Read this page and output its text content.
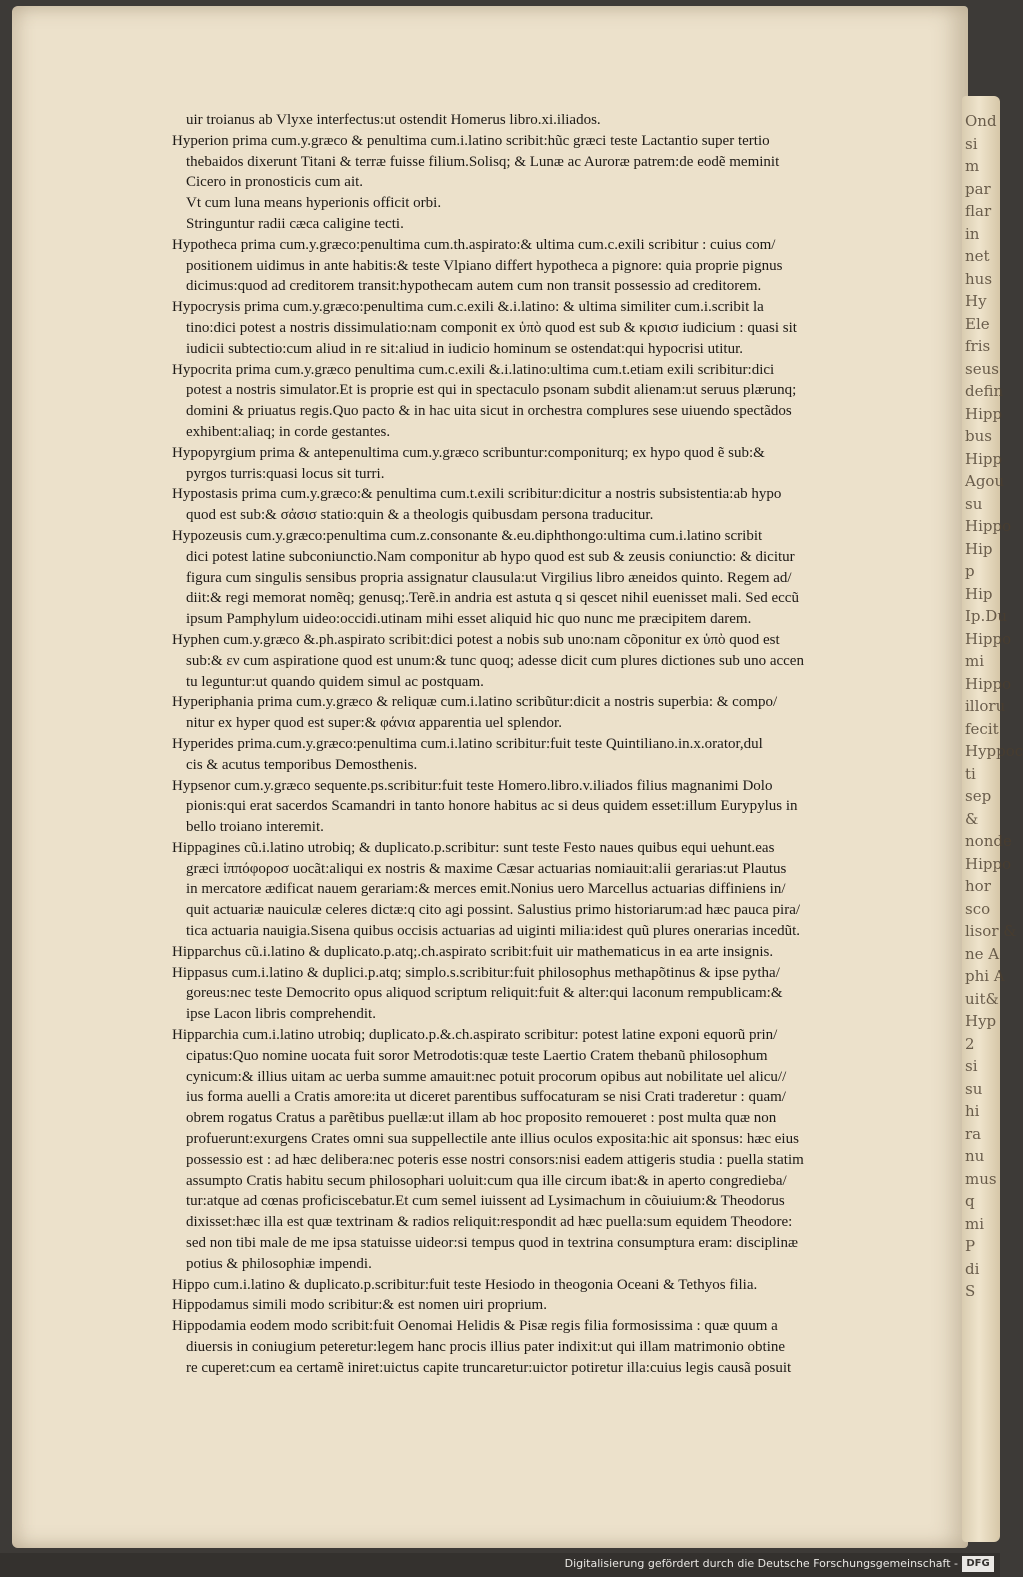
Ond
si
m
par
flar
in
net
hus
Hy
Ele
fris
seus
defin
Hipp
bus
Hipp
Agou
su
Hippo
Hip
p
Hip
Ip.Du
Hippo
mi
Hippo
illoru
fecit
Hyppoc
ti
sep
&
nonde
Hippo
hor
sco
lisor &
ne A
phi A
uit&
Hyp
2
si
su
hi
ra
nu
mus
q
mi
P
di
S
uir troianus ab Vlyxe interfectus:ut ostendit Homerus libro.xi.iliados.
Hyperion prima cum.y.græco & penultima cum.i.latino scribit:hũc græci teste Lactantio super tertio
thebaidos dixerunt Titani & terræ fuisse filium.Solisq; & Lunæ ac Auroræ patrem:de eodẽ meminit
Cicero in pronosticis cum ait.
Vt cum luna means hyperionis officit orbi.
Stringuntur radii cæca caligine tecti.
Hypotheca prima cum.y.græco:penultima cum.th.aspirato:& ultima cum.c.exili scribitur : cuius com/
positionem uidimus in ante habitis:& teste Vlpiano differt hypotheca a pignore: quia proprie pignus
dicimus:quod ad creditorem transit:hypothecam autem cum non transit possessio ad creditorem.
Hypocrysis prima cum.y.græco:penultima cum.c.exili &.i.latino: & ultima similiter cum.i.scribit la
tino:dici potest a nostris dissimulatio:nam componit ex ὑπὸ quod est sub & κρισισ iudicium : quasi sit
iudicii subtectio:cum aliud in re sit:aliud in iudicio hominum se ostendat:qui hypocrisi utitur.
Hypocrita prima cum.y.græco penultima cum.c.exili &.i.latino:ultima cum.t.etiam exili scribitur:dici
potest a nostris simulator.Et is proprie est qui in spectaculo psonam subdit alienam:ut seruus plærunq;
domini & priuatus regis.Quo pacto & in hac uita sicut in orchestra complures sese uiuendo spectãdos
exhibent:aliaq; in corde gestantes.
Hypopyrgium prima & antepenultima cum.y.græco scribuntur:componiturq; ex hypo quod ẽ sub:&
pyrgos turris:quasi locus sit turri.
Hypostasis prima cum.y.græco:& penultima cum.t.exili scribitur:dicitur a nostris subsistentia:ab hypo
quod est sub:& σἀσισ statio:quin & a theologis quibusdam persona traducitur.
Hypozeusis cum.y.græco:penultima cum.z.consonante &.eu.diphthongo:ultima cum.i.latino scribit
dici potest latine subconiunctio.Nam componitur ab hypo quod est sub & zeusis coniunctio: & dicitur
figura cum singulis sensibus propria assignatur clausula:ut Virgilius libro æneidos quinto. Regem ad/
diit:& regi memorat nomẽq; genusq;.Terẽ.in andria est astuta q si qescet nihil euenisset mali. Sed eccũ
ipsum Pamphylum uideo:occidi.utinam mihi esset aliquid hic quo nunc me præcipitem darem.
Hyphen cum.y.græco &.ph.aspirato scribit:dici potest a nobis sub uno:nam cõponitur ex ὑπὸ quod est
sub:& εν cum aspiratione quod est unum:& tunc quoq; adesse dicit cum plures dictiones sub uno accen
tu leguntur:ut quando quidem simul ac postquam.
Hyperiphania prima cum.y.græco & reliquæ cum.i.latino scribũtur:dicit a nostris superbia: & compo/
nitur ex hyper quod est super:& φάνια apparentia uel splendor.
Hyperides prima.cum.y.græco:penultima cum.i.latino scribitur:fuit teste Quintiliano.in.x.orator,dul
cis & acutus temporibus Demosthenis.
Hypsenor cum.y.græco sequente.ps.scribitur:fuit teste Homero.libro.v.iliados filius magnanimi Dolo
pionis:qui erat sacerdos Scamandri in tanto honore habitus ac si deus quidem esset:illum Eurypylus in
bello troiano interemit.
Hippagines cũ.i.latino utrobiq; & duplicato.p.scribitur: sunt teste Festo naues quibus equi uehunt.eas
græci ἱππόφοροσ uocãt:aliqui ex nostris & maxime Cæsar actuarias nomiauit:alii gerarias:ut Plautus
in mercatore ædificat nauem gerariam:& merces emit.Nonius uero Marcellus actuarias diffiniens in/
quit actuariæ nauiculæ celeres dictæ:q cito agi possint. Salustius primo historiarum:ad hæc pauca pira/
tica actuaria nauigia.Sisena quibus occisis actuarias ad uiginti milia:idest quũ plures onerarias incedũt.
Hipparchus cũ.i.latino & duplicato.p.atq;.ch.aspirato scribit:fuit uir mathematicus in ea arte insignis.
Hippasus cum.i.latino & duplici.p.atq; simplo.s.scribitur:fuit philosophus methapõtinus & ipse pytha/
goreus:nec teste Democrito opus aliquod scriptum reliquit:fuit & alter:qui laconum rempublicam:&
ipse Lacon libris comprehendit.
Hipparchia cum.i.latino utrobiq; duplicato.p.&.ch.aspirato scribitur: potest latine exponi equorũ prin/
cipatus:Quo nomine uocata fuit soror Metrodotis:quæ teste Laertio Cratem thebanũ philosophum
cynicum:& illius uitam ac uerba summe amauit:nec potuit procorum opibus aut nobilitate uel alicu//
ius forma auelli a Cratis amore:ita ut diceret parentibus suffocaturam se nisi Crati traderetur : quam/
obrem rogatus Cratus a parẽtibus puellæ:ut illam ab hoc proposito remoueret : post multa quæ non
profuerunt:exurgens Crates omni sua suppellectile ante illius oculos exposita:hic ait sponsus: hæc eius
possessio est : ad hæc delibera:nec poteris esse nostri consors:nisi eadem attigeris studia : puella statim
assumpto Cratis habitu secum philosophari uoluit:cum qua ille circum ibat:& in aperto congredieba/
tur:atque ad cœnas proficiscebatur.Et cum semel iuissent ad Lysimachum in cõuiuium:& Theodorus
dixisset:hæc illa est quæ textrinam & radios reliquit:respondit ad hæc puella:sum equidem Theodore:
sed non tibi male de me ipsa statuisse uideor:si tempus quod in textrina consumptura eram: disciplinæ
potius & philosophiæ impendi.
Hippo cum.i.latino & duplicato.p.scribitur:fuit teste Hesiodo in theogonia Oceani & Tethyos filia.
Hippodamus simili modo scribitur:& est nomen uiri proprium.
Hippodamia eodem modo scribit:fuit Oenomai Helidis & Pisæ regis filia formosissima : quæ quum a
diuersis in coniugium peteretur:legem hanc procis illius pater indixit:ut qui illam matrimonio obtine
re cuperet:cum ea certamẽ iniret:uictus capite truncaretur:uictor potiretur illa:cuius legis causã posuit
Digitalisierung gefördert durch die Deutsche Forschungsgemeinschaft - DFG
